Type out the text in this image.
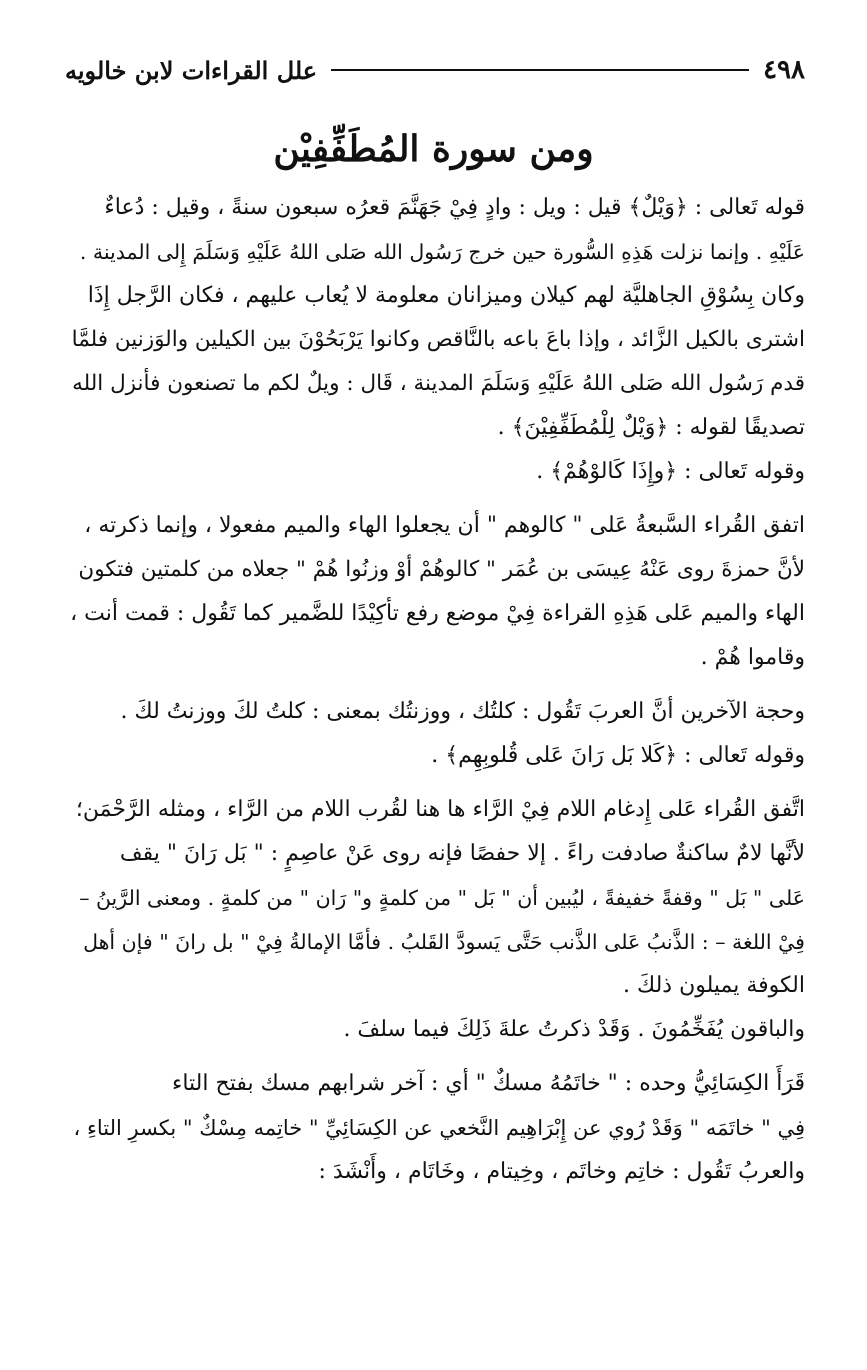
٤٩٨
علل القراءات لابن خالويه
ومن سورة المُطَفِّفِيْن

قوله تَعالى : ﴿وَيْلٌ﴾ قيل : ويل : وادٍ فِيْ جَهَنَّمَ قعرُه سبعون سنةً ، وقيل : دُعاءٌ
عَلَيْهِ . وإنما نزلت هَذِهِ السُّورة حين خرج رَسُول الله صَلى اللهُ عَلَيْهِ وَسَلَمَ إِلى المدينة .
وكان بِسُوْقِ الجاهليَّة لهم كيلان وميزانان معلومة لا يُعاب عليهم ، فكان الرَّجل إِذَا
اشترى بالكيل الزَّائد ، وإذا باعَ باعه بالنَّاقص وكانوا يَرْبَحُوْنَ بين الكيلين والوَزنين فلمَّا
قدم رَسُول الله صَلى اللهُ عَلَيْهِ وَسَلَمَ المدينة ، قَال : ويلٌ لكم ما تصنعون فأنزل الله
تصديقًا لقوله : ﴿وَيْلٌ لِلْمُطَفِّفِيْنَ﴾ .

وقوله تَعالى : ﴿وإِذَا كَالوْهُمْ﴾ .

اتفق القُراء السَّبعةُ عَلى " كالوهم " أن يجعلوا الهاء والميم مفعولا ، وإنما ذكرته ،
لأنَّ حمزةَ روى عَنْهُ عِيسَى بن عُمَر " كالوهُمْ أوْ وزنُوا هُمْ " جعلاه من كلمتين فتكون
الهاء والميم عَلى هَذِهِ القراءة فِيْ موضع رفع تأكِيْدًا للضَّمير كما تَقُول : قمت أنت ،
وقاموا هُمْ .

وحجة الآخرين أنَّ العربَ تَقُول : كلتُك ، ووزنتُك بمعنى : كلتُ لكَ ووزنتُ لكَ .
وقوله تَعالى : ﴿كَلا بَل رَانَ عَلى قُلوبِهِم﴾ .

اتَّفق القُراء عَلى إِدغام اللام فِيْ الرَّاء ها هنا لقُرب اللام من الرَّاء ، ومثله الرَّحْمَن؛
لأنَّها لامٌ ساكنةٌ صادفت راءً . إلا حفصًا فإنه روى عَنْ عاصِمٍ : " بَل رَانَ " يقف
عَلى " بَل " وقفةً خفيفةً ، ليُبين أن " بَل " من كلمةٍ و" رَان " من كلمةٍ . ومعنى الرَّينُ –
فِيْ اللغة – : الذَّنبُ عَلى الذَّنب حَتَّى يَسودَّ القَلبُ . فأمَّا الإمالةُ فِيْ " بل رانَ " فإن أهل
الكوفة يميلون ذلكَ .

والباقون يُفَخِّمُونَ . وَقَدْ ذكرتُ علةَ ذَلِكَ فيما سلفَ .

قَرَأَ الكِسَائِيُّ وحده : " خاتَمُهُ مسكٌ " أي : آخر شرابهم مسك بفتح التاء
فِي " خاتَمَه " وَقَدْ رُوي عن إِبْرَاهِيم النَّخعي عن الكِسَائِيِّ " خاتِمه مِسْكٌ " بكسرِ التاءِ ،
والعربُ تَقُول : خاتِم وخاتَم ، وخِيتام ، وخَاتَام ، وأَنْشَدَ :
